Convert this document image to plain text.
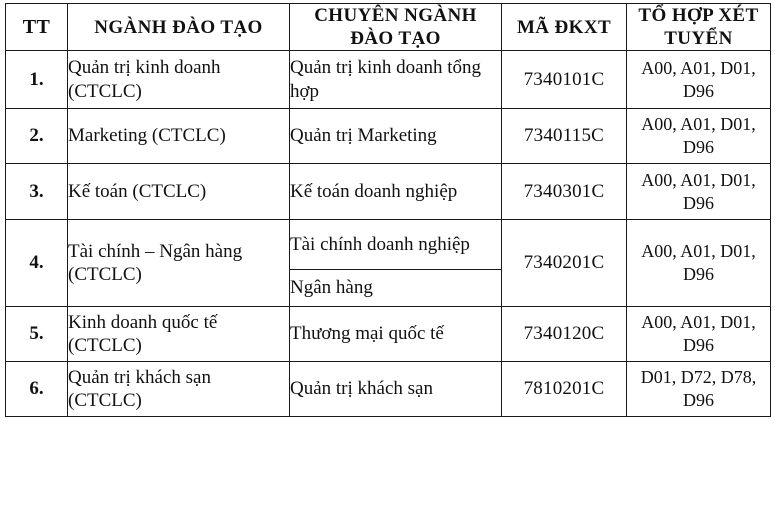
TT	NGÀNH ĐÀO TẠO	CHUYÊN NGÀNH ĐÀO TẠO	MÃ ĐKXT	TỔ HỢP XÉT TUYỂN
1.	Quản trị kinh doanh (CTCLC)	Quản trị kinh doanh tổng hợp	7340101C	A00, A01, D01, D96
2.	Marketing (CTCLC)	Quản trị Marketing	7340115C	A00, A01, D01, D96
3.	Kế toán (CTCLC)	Kế toán doanh nghiệp	7340301C	A00, A01, D01, D96
4.	Tài chính – Ngân hàng (CTCLC)	Tài chính doanh nghiệp	7340201C	A00, A01, D01, D96
		Ngân hàng		
5.	Kinh doanh quốc tế (CTCLC)	Thương mại quốc tế	7340120C	A00, A01, D01, D96
6.	Quản trị khách sạn (CTCLC)	Quản trị khách sạn	7810201C	D01, D72, D78, D96
